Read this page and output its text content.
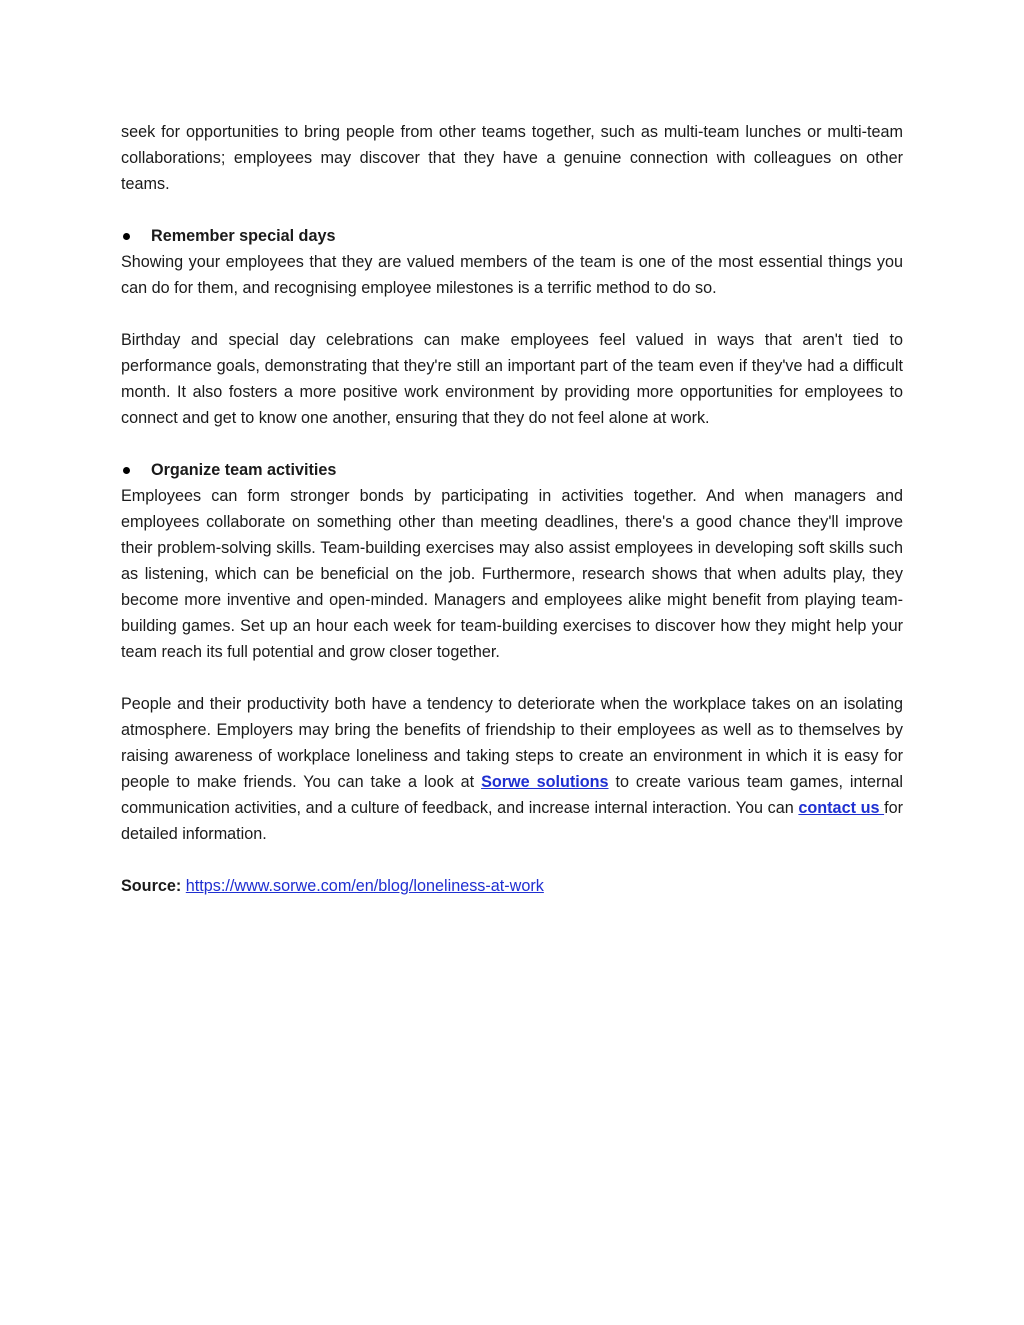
seek for opportunities to bring people from other teams together, such as multi-team lunches or multi-team collaborations; employees may discover that they have a genuine connection with colleagues on other teams.

Remember special days

Showing your employees that they are valued members of the team is one of the most essential things you can do for them, and recognising employee milestones is a terrific method to do so.

Birthday and special day celebrations can make employees feel valued in ways that aren't tied to performance goals, demonstrating that they're still an important part of the team even if they've had a difficult month. It also fosters a more positive work environment by providing more opportunities for employees to connect and get to know one another, ensuring that they do not feel alone at work.

Organize team activities

Employees can form stronger bonds by participating in activities together. And when managers and employees collaborate on something other than meeting deadlines, there's a good chance they'll improve their problem-solving skills. Team-building exercises may also assist employees in developing soft skills such as listening, which can be beneficial on the job. Furthermore, research shows that when adults play, they become more inventive and open-minded. Managers and employees alike might benefit from playing team-building games. Set up an hour each week for team-building exercises to discover how they might help your team reach its full potential and grow closer together.

People and their productivity both have a tendency to deteriorate when the workplace takes on an isolating atmosphere. Employers may bring the benefits of friendship to their employees as well as to themselves by raising awareness of workplace loneliness and taking steps to create an environment in which it is easy for people to make friends. You can take a look at Sorwe solutions to create various team games, internal communication activities, and a culture of feedback, and increase internal interaction. You can contact us for detailed information.

Source: https://www.sorwe.com/en/blog/loneliness-at-work
